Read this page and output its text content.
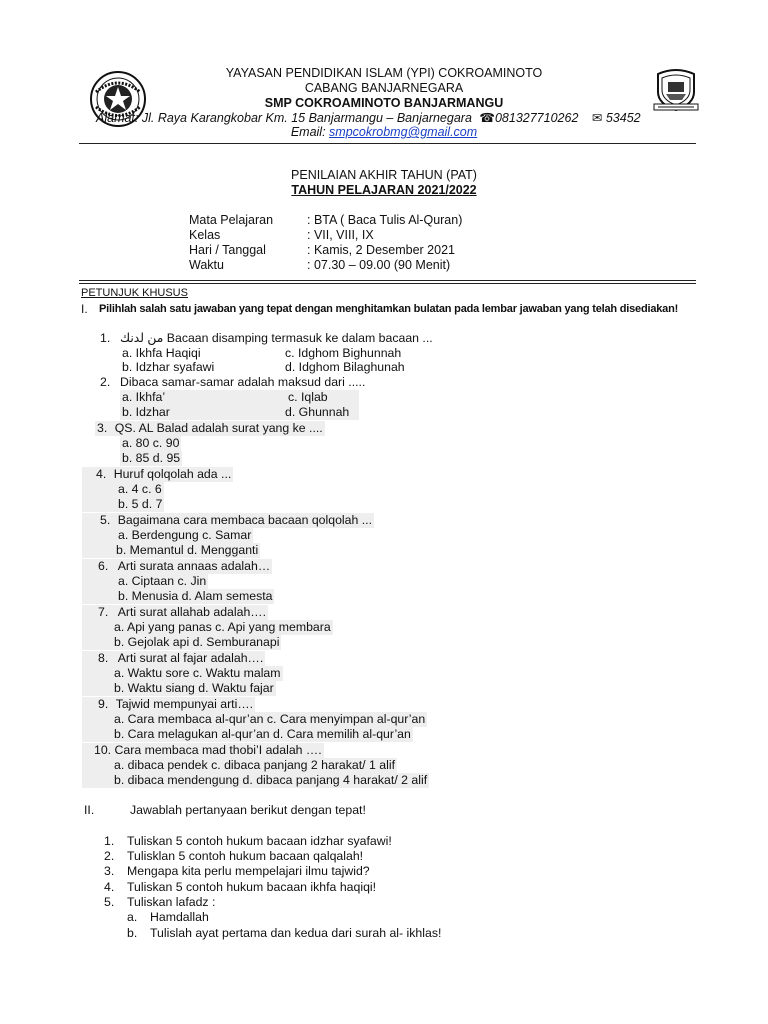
YAYASAN PENDIDIKAN ISLAM (YPI) COKROAMINOTO
CABANG BANJARNEGARA
SMP COKROAMINOTO BANJARMANGU
Alamat: Jl. Raya Karangkobar Km. 15 Banjarmangu – Banjarnegara ☎081327710262 ✉ 53452
Email: smpcokrobmg@gmail.com
PENILAIAN AKHIR TAHUN (PAT)
TAHUN PELAJARAN 2021/2022
Mata Pelajaran	: BTA ( Baca Tulis Al-Quran)
Kelas	: VII, VIII, IX
Hari / Tanggal	: Kamis, 2 Desember 2021
Waktu	: 07.30 – 09.00 (90 Menit)
PETUNJUK KHUSUS
I. Pilihlah salah satu jawaban yang tepat dengan menghitamkan bulatan pada lembar jawaban yang telah disediakan!
1. من لدنك Bacaan disamping termasuk ke dalam bacaan ...
a. Ikhfa Haqiqi	c. Idghom Bighunnah
b. Idzhar syafawi	d. Idghom Bilaghunah
2. Dibaca samar-samar adalah maksud dari .....
a. Ikhfa’	c. Iqlab
b. Idzhar	d. Ghunnah
3. QS. AL Balad adalah surat yang ke ....
a. 80 c. 90
b. 85 d. 95
4. Huruf qolqolah ada ...
a. 4 c. 6
b. 5 d. 7
5. Bagaimana cara membaca bacaan qolqolah ...
a. Berdengung c. Samar
b. Memantul d. Mengganti
6. Arti surata annaas adalah…
a. Ciptaan c. Jin
b. Menusia d. Alam semesta
7. Arti surat allahab adalah….
a. Api yang panas c. Api yang membara
b. Gejolak api d. Semburanapi
8. Arti surat al fajar adalah….
a. Waktu sore c. Waktu malam
b. Waktu siang d. Waktu fajar
9. Tajwid mempunyai arti….
a. Cara membaca al-qur’an c. Cara menyimpan al-qur’an
b. Cara melagukan al-qur’an d. Cara memilih al-qur’an
10. Cara membaca mad thobi’I adalah ….
a. dibaca pendek c. dibaca panjang 2 harakat/ 1 alif
b. dibaca mendengung d. dibaca panjang 4 harakat/ 2 alif
II.	Jawablah pertanyaan berikut dengan tepat!
1. Tuliskan 5 contoh hukum bacaan idzhar syafawi!
2. Tulisklan 5 contoh hukum bacaan qalqalah!
3. Mengapa kita perlu mempelajari ilmu tajwid?
4. Tuliskan 5 contoh hukum bacaan ikhfa haqiqi!
5. Tuliskan lafadz :
a. Hamdallah
b. Tulislah ayat pertama dan kedua dari surah al- ikhlas!
